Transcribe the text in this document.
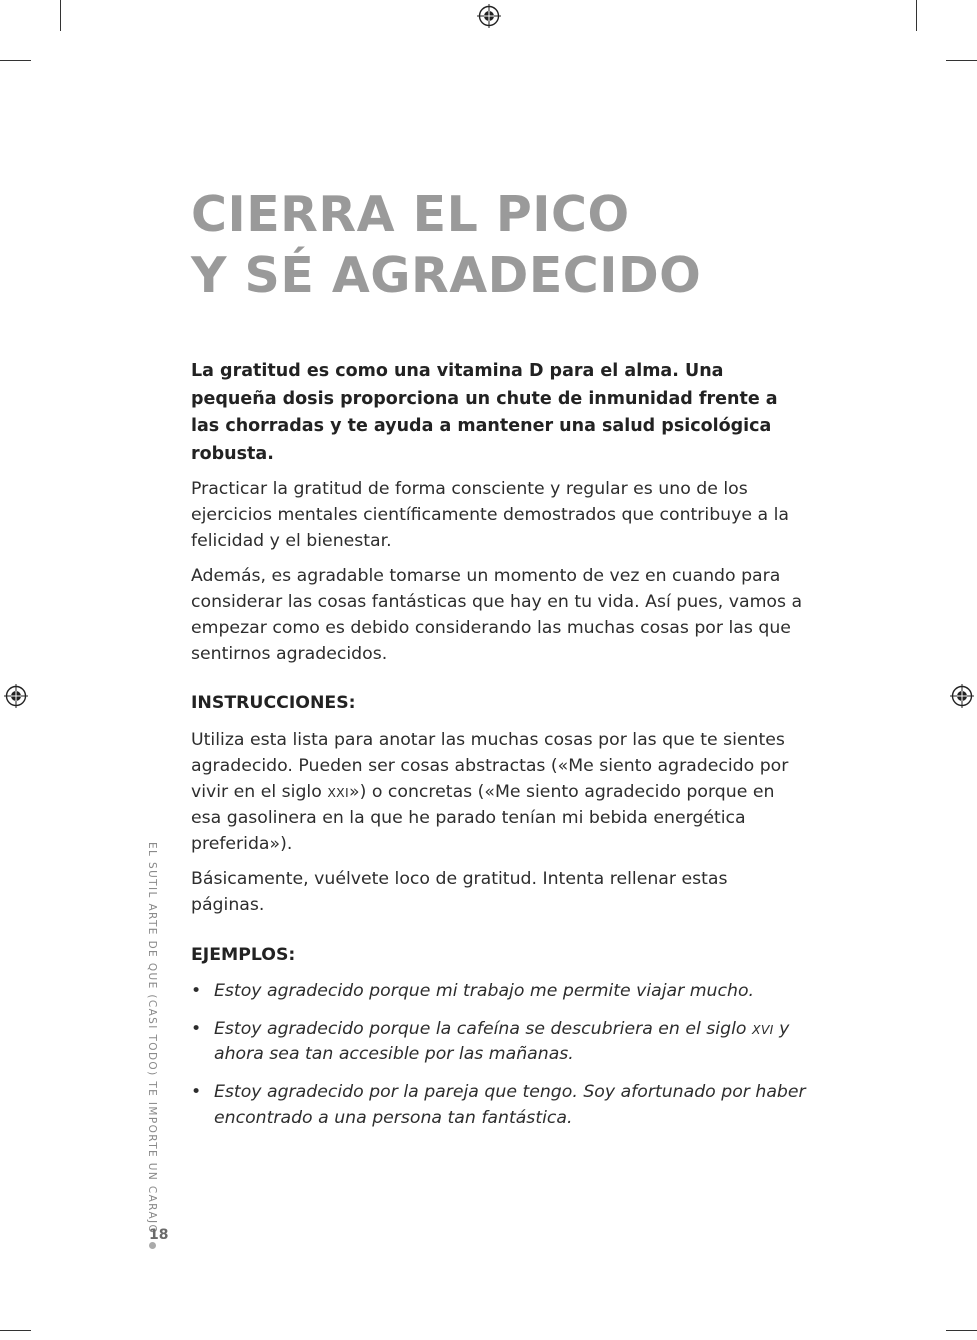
CIERRA EL PICO
Y SÉ AGRADECIDO

La gratitud es como una vitamina D para el alma. Una pequeña dosis proporciona un chute de inmunidad frente a las chorradas y te ayuda a mantener una salud psicológica robusta.

Practicar la gratitud de forma consciente y regular es uno de los ejercicios mentales científicamente demostrados que contribuye a la felicidad y el bienestar.

Además, es agradable tomarse un momento de vez en cuando para considerar las cosas fantásticas que hay en tu vida. Así pues, vamos a empezar como es debido considerando las muchas cosas por las que sentirnos agradecidos.

INSTRUCCIONES:

Utiliza esta lista para anotar las muchas cosas por las que te sientes agradecido. Pueden ser cosas abstractas («Me siento agradecido por vivir en el siglo XXI») o concretas («Me siento agradecido porque en esa gasolinera en la que he parado tenían mi bebida energética preferida»).

Básicamente, vuélvete loco de gratitud. Intenta rellenar estas páginas.

EJEMPLOS:
• Estoy agradecido porque mi trabajo me permite viajar mucho.
• Estoy agradecido porque la cafeína se descubriera en el siglo XVI y ahora sea tan accesible por las mañanas.
• Estoy agradecido por la pareja que tengo. Soy afortunado por haber encontrado a una persona tan fantástica.
EL SUTIL ARTE DE QUE (CASI TODO) TE IMPORTE UN CARAJO
18
